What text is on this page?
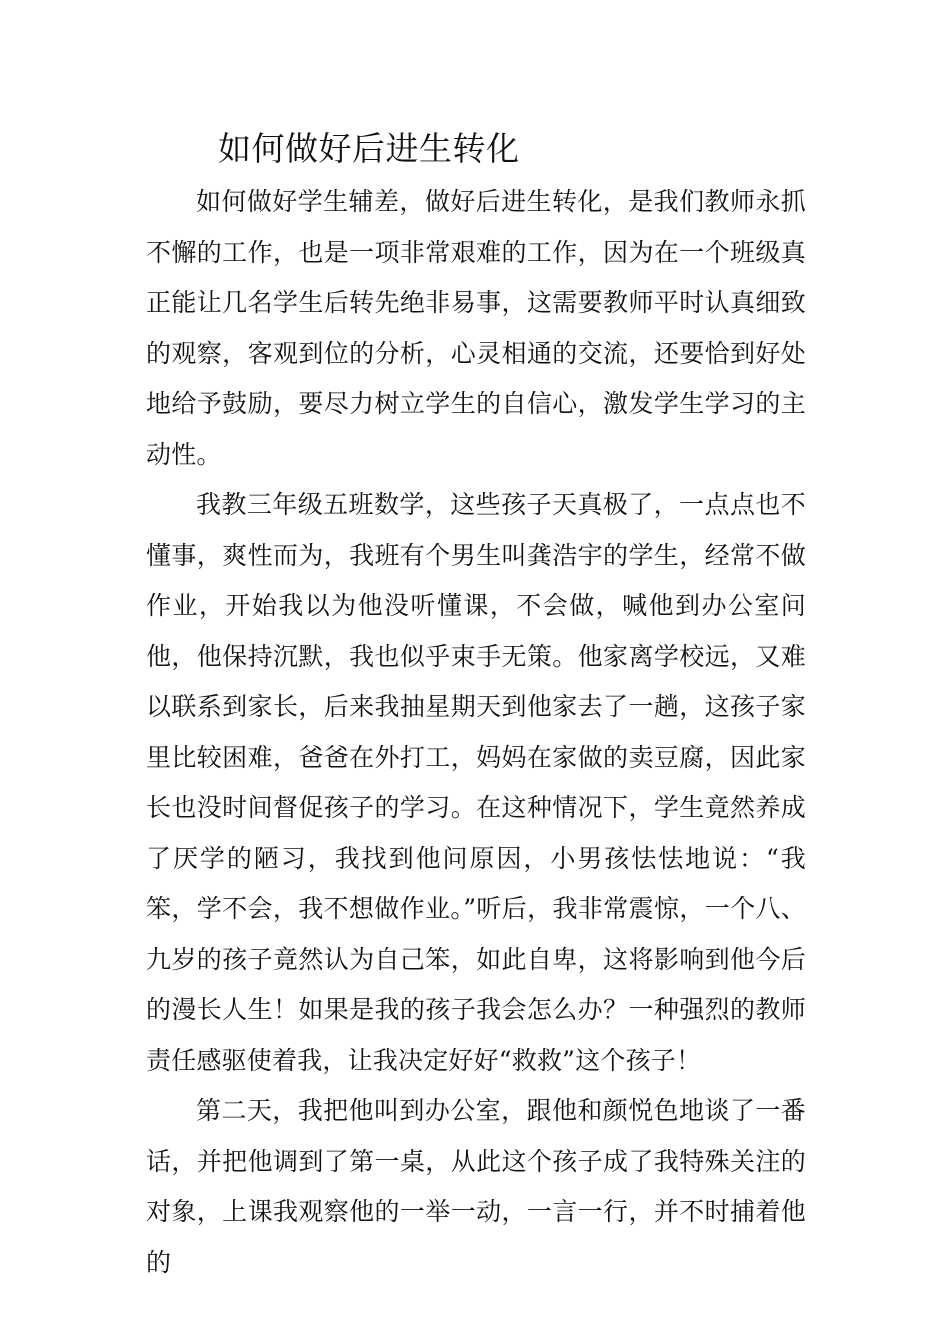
如何做好后进生转化

如何做好学生辅差，做好后进生转化，是我们教师永抓不懈的工作，也是一项非常艰难的工作，因为在一个班级真正能让几名学生后转先绝非易事，这需要教师平时认真细致的观察，客观到位的分析，心灵相通的交流，还要恰到好处地给予鼓励，要尽力树立学生的自信心，激发学生学习的主动性。

我教三年级五班数学，这些孩子天真极了，一点点也不懂事，爽性而为，我班有个男生叫龚浩宇的学生，经常不做作业，开始我以为他没听懂课，不会做，喊他到办公室问他，他保持沉默，我也似乎束手无策。他家离学校远，又难以联系到家长，后来我抽星期天到他家去了一趟，这孩子家里比较困难，爸爸在外打工，妈妈在家做的卖豆腐，因此家长也没时间督促孩子的学习。在这种情况下，学生竟然养成了厌学的陋习，我找到他问原因，小男孩怯怯地说：“我笨，学不会，我不想做作业。”听后，我非常震惊，一个八、九岁的孩子竟然认为自己笨，如此自卑，这将影响到他今后的漫长人生！如果是我的孩子我会怎么办？一种强烈的教师责任感驱使着我，让我决定好好“救救”这个孩子！

第二天，我把他叫到办公室，跟他和颜悦色地谈了一番话，并把他调到了第一桌，从此这个孩子成了我特殊关注的对象，上课我观察他的一举一动，一言一行，并不时捕着他的
